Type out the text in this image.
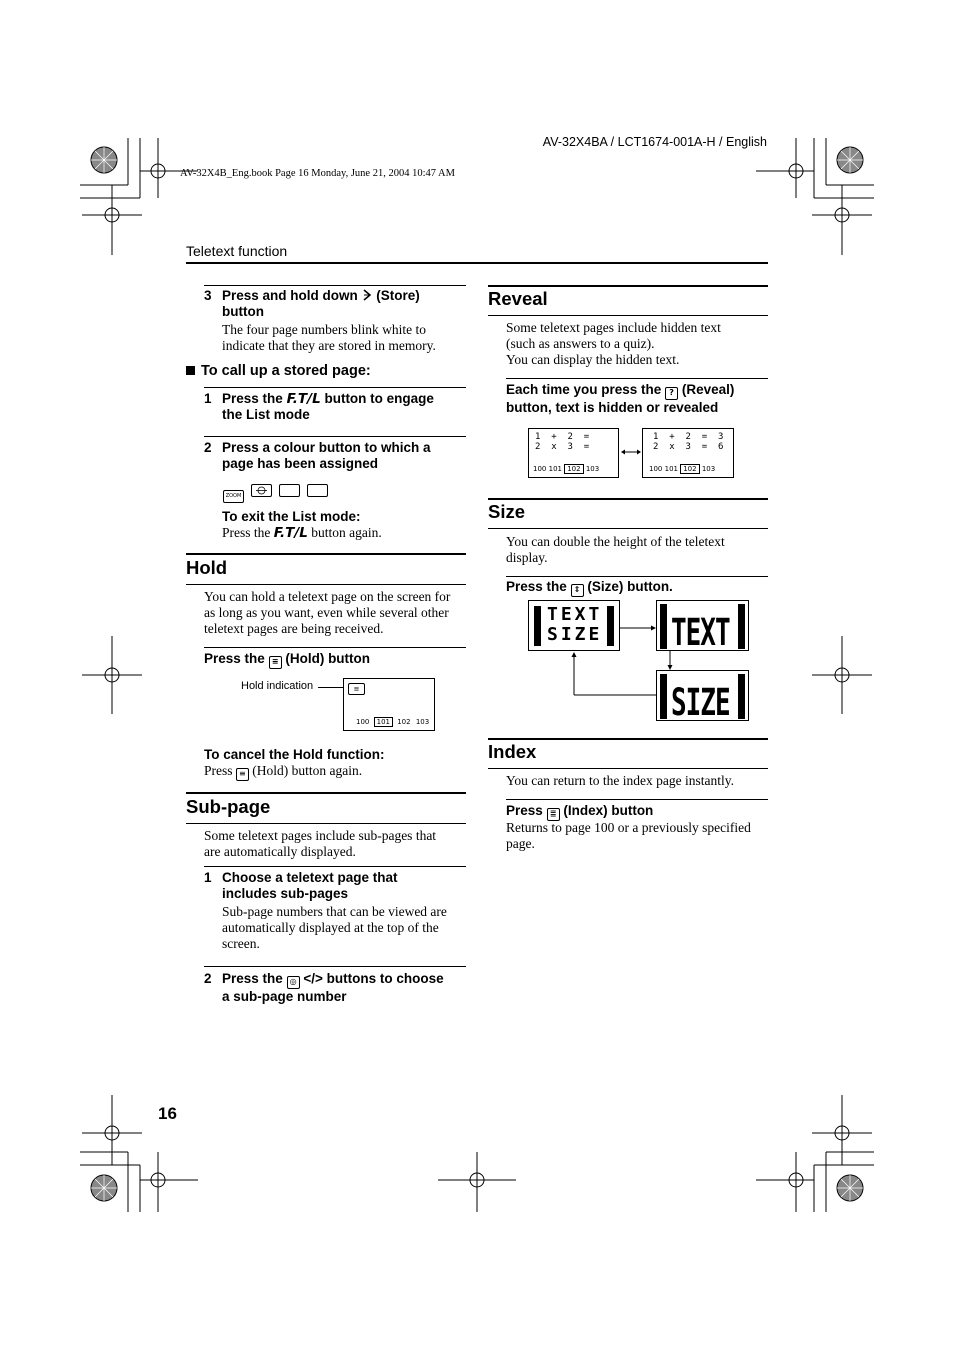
AV-32X4BA / LCT1674-001A-H / English
AV-32X4B_Eng.book Page 16 Monday, June 21, 2004 10:47 AM
Teletext function
3 Press and hold down (Store)
button
The four page numbers blink white to
indicate that they are stored in memory.
To call up a stored page:
1 Press the F.T/L button to engage
the List mode
2 Press a colour button to which a
page has been assigned
ZOOM

To exit the List mode:
Press the F.T/L button again.
Hold
You can hold a teletext page on the screen for
as long as you want, even while several other
teletext pages are being received.
Press the ≡ (Hold) button
Hold indication	≡
100 101 102 103
To cancel the Hold function:
Press ≡ (Hold) button again.
Sub-page
Some teletext pages include sub-pages that
are automatically displayed.
1 Choose a teletext page that
includes sub-pages
Sub-page numbers that can be viewed are
automatically displayed at the top of the
screen.
2 Press the ◎ </> buttons to choose
a sub-page number
Reveal
Some teletext pages include hidden text
(such as answers to a quiz).
You can display the hidden text.
Each time you press the ? (Reveal)
button, text is hidden or revealed
1  +  2  =
2  x  3  =
100 101 102 103
1  +  2  =  3
2  x  3  =  6
100 101 102 103
Size
You can double the height of the teletext
display.
Press the ⇕ (Size) button.
TEXT
SIZE	TEXT
SIZE
Index
You can return to the index page instantly.
Press ≣ (Index) button
Returns to page 100 or a previously specified
page.
16
